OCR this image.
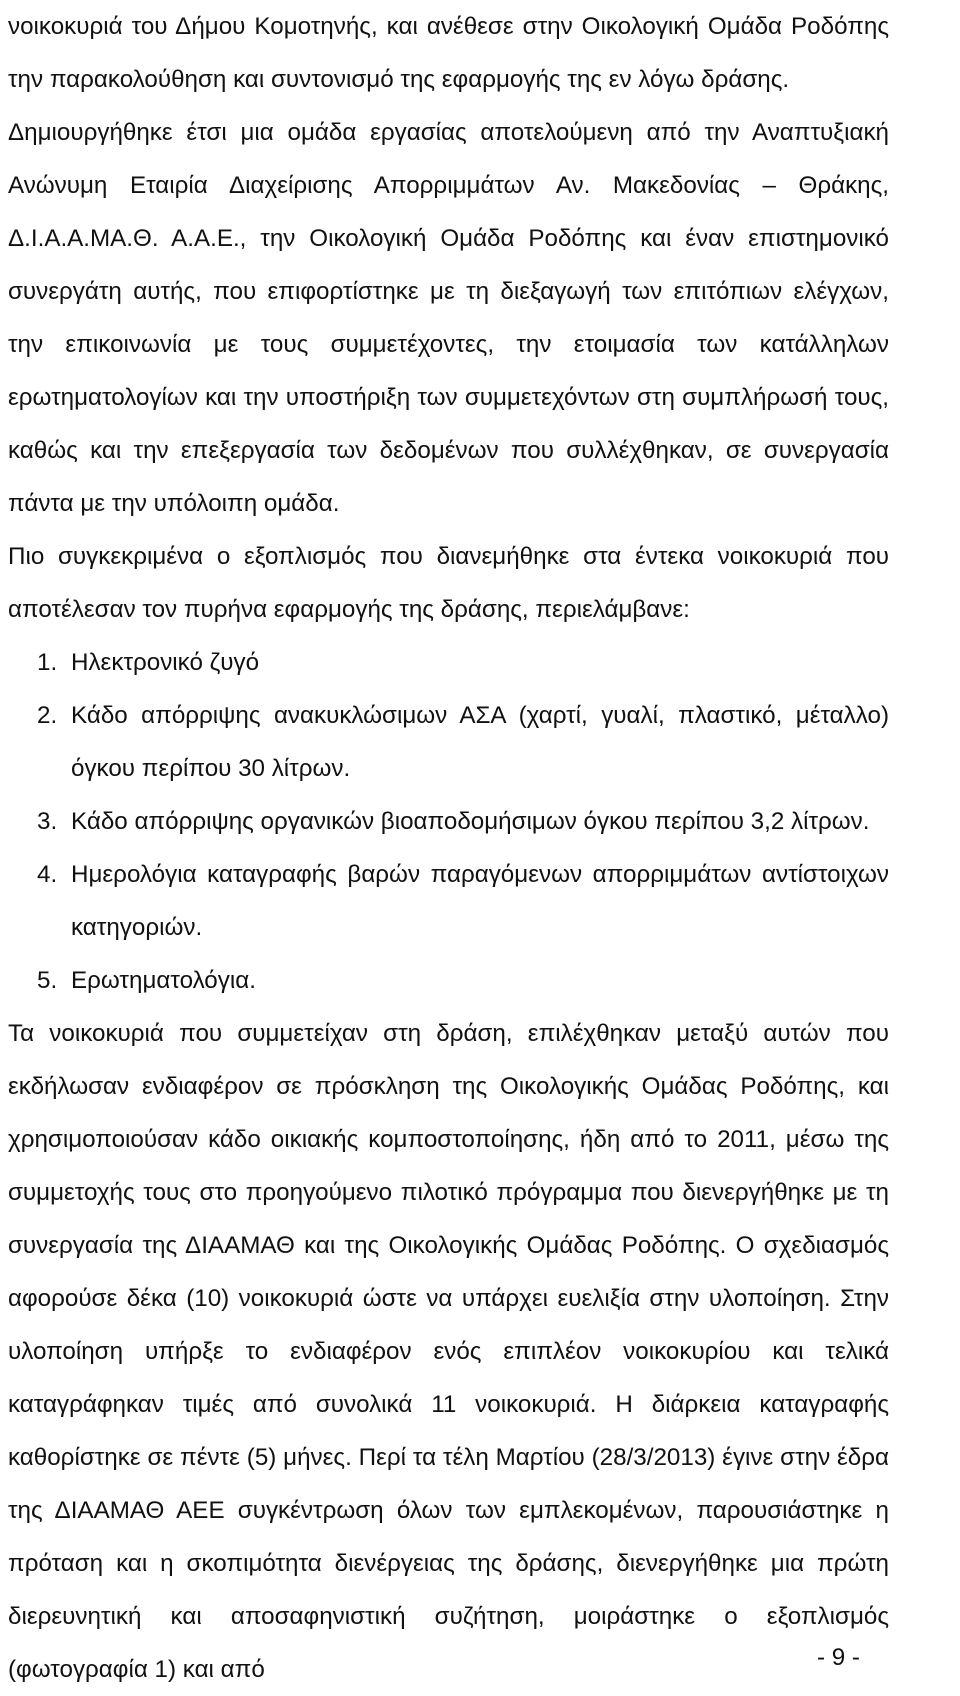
νοικοκυριά του Δήμου Κομοτηνής, και ανέθεσε στην Οικολογική Ομάδα Ροδόπης την παρακολούθηση και συντονισμό της εφαρμογής της εν λόγω δράσης.

Δημιουργήθηκε έτσι μια ομάδα εργασίας αποτελούμενη από την Αναπτυξιακή Ανώνυμη Εταιρία Διαχείρισης Απορριμμάτων Αν. Μακεδονίας – Θράκης, Δ.Ι.Α.Α.ΜΑ.Θ. Α.Α.Ε., την Οικολογική Ομάδα Ροδόπης και έναν επιστημονικό συνεργάτη αυτής, που επιφορτίστηκε με τη διεξαγωγή των επιτόπιων ελέγχων, την επικοινωνία με τους συμμετέχοντες, την ετοιμασία των κατάλληλων ερωτηματολογίων και την υποστήριξη των συμμετεχόντων στη συμπλήρωσή τους, καθώς και την επεξεργασία των δεδομένων που συλλέχθηκαν, σε συνεργασία πάντα με την υπόλοιπη ομάδα.

Πιο συγκεκριμένα ο εξοπλισμός που διανεμήθηκε στα έντεκα νοικοκυριά που αποτέλεσαν τον πυρήνα εφαρμογής της δράσης, περιελάμβανε:

1. Ηλεκτρονικό ζυγό
2. Κάδο απόρριψης ανακυκλώσιμων ΑΣΑ (χαρτί, γυαλί, πλαστικό, μέταλλο) όγκου περίπου 30 λίτρων.
3. Κάδο απόρριψης οργανικών βιοαποδομήσιμων όγκου περίπου 3,2 λίτρων.
4. Ημερολόγια καταγραφής βαρών παραγόμενων απορριμμάτων αντίστοιχων κατηγοριών.
5. Ερωτηματολόγια.

Τα νοικοκυριά που συμμετείχαν στη δράση, επιλέχθηκαν μεταξύ αυτών που εκδήλωσαν ενδιαφέρον σε πρόσκληση της Οικολογικής Ομάδας Ροδόπης, και χρησιμοποιούσαν κάδο οικιακής κομποστοποίησης, ήδη από το 2011, μέσω της συμμετοχής τους στο προηγούμενο πιλοτικό πρόγραμμα που διενεργήθηκε με τη συνεργασία της ΔΙΑΑΜΑΘ και της Οικολογικής Ομάδας Ροδόπης. Ο σχεδιασμός αφορούσε δέκα (10) νοικοκυριά ώστε να υπάρχει ευελιξία στην υλοποίηση. Στην υλοποίηση υπήρξε το ενδιαφέρον ενός επιπλέον νοικοκυρίου και τελικά καταγράφηκαν τιμές από συνολικά 11 νοικοκυριά. Η διάρκεια καταγραφής καθορίστηκε σε πέντε (5) μήνες. Περί τα τέλη Μαρτίου (28/3/2013) έγινε στην έδρα της ΔΙΑΑΜΑΘ ΑΕΕ συγκέντρωση όλων των εμπλεκομένων, παρουσιάστηκε η πρόταση και η σκοπιμότητα διενέργειας της δράσης, διενεργήθηκε μια πρώτη διερευνητική και αποσαφηνιστική συζήτηση, μοιράστηκε ο εξοπλισμός (φωτογραφία 1) και από	- 9 -
